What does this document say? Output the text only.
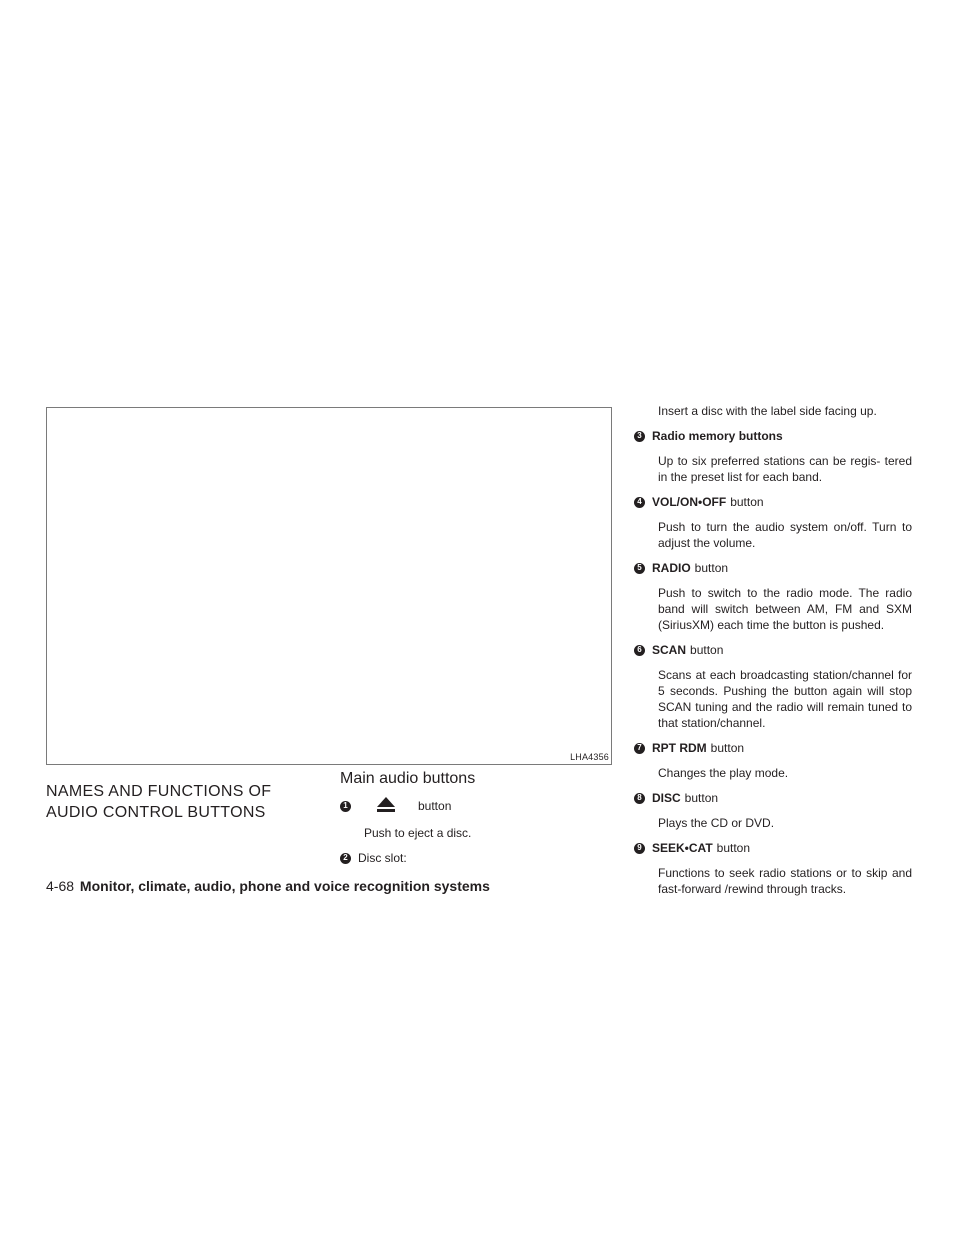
LHA4356
NAMES AND FUNCTIONS OF AUDIO CONTROL BUTTONS
Main audio buttons
1	button
Push to eject a disc.
2 Disc slot:
Insert a disc with the label side facing up.
3 Radio memory buttons
Up to six preferred stations can be regis- tered in the preset list for each band.
4 VOL/ON•OFF button
Push to turn the audio system on/off. Turn to adjust the volume.
5 RADIO button
Push to switch to the radio mode. The radio band will switch between AM, FM and SXM (SiriusXM) each time the button is pushed.
6 SCAN button
Scans at each broadcasting station/channel for 5 seconds. Pushing the button again will stop SCAN tuning and the radio will remain tuned to that station/channel.
7 RPT RDM button
Changes the play mode.
8 DISC button
Plays the CD or DVD.
9 SEEK•CAT button
Functions to seek radio stations or to skip and fast-forward /rewind through tracks.
4-68 Monitor, climate, audio, phone and voice recognition systems
